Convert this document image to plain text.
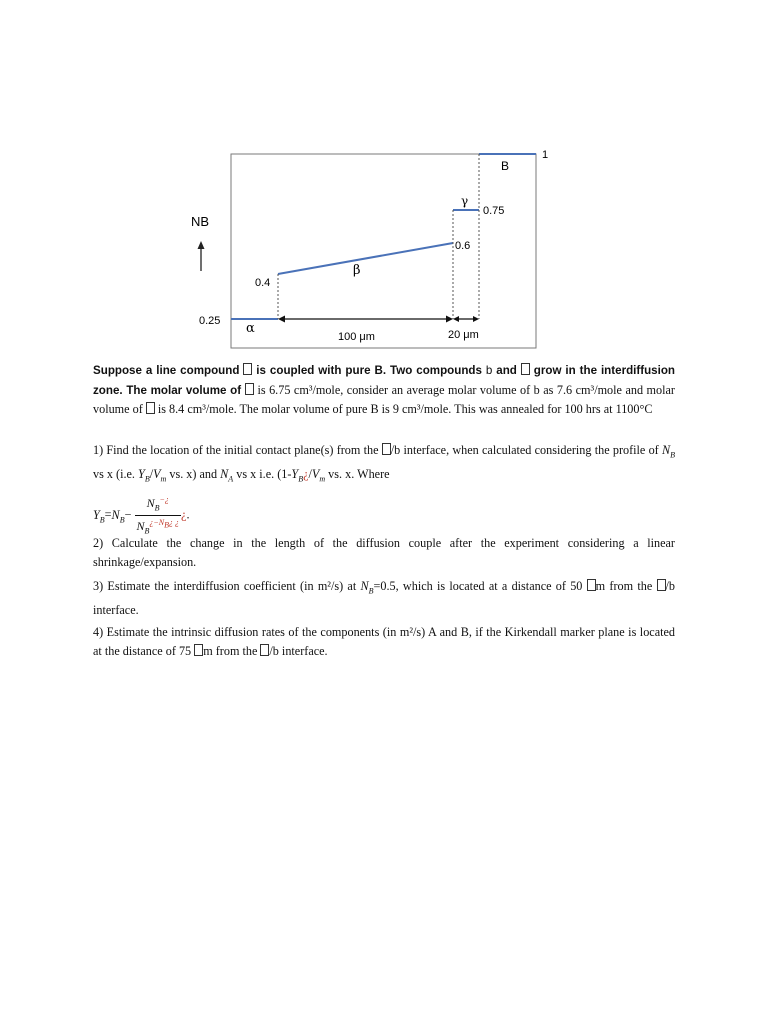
NB
0.25
0.4
0.6
0.75
1
α
β
γ
B
100 μm	20 μm
Suppose a line compound  is coupled with pure B. Two compounds b and  grow in the interdiffusion zone. The molar volume of  is 6.75 cm³/mole, consider an average molar volume of b as 7.6 cm³/mole and molar volume of  is 8.4 cm³/mole. The molar volume of pure B is 9 cm³/mole. This was annealed for 100 hrs at 1100°C
1) Find the location of the initial contact plane(s) from the /b interface, when calculated considering the profile of $N_B$ vs x (i.e. $Y_B/V_m$ vs. x) and $N_A$ vs x i.e. ($1-Y_B¿/V_m$ vs. x. Where
$Y_B=N_B- \frac{N_B^{-¿}}{N_B^{¿-N_B¿ ¿}}$ ¿.
2) Calculate the change in the length of the diffusion couple after the experiment considering a linear shrinkage/expansion.
3) Estimate the interdiffusion coefficient (in m²/s) at $N_B=0.5$, which is located at a distance of 50 m from the /b interface.
4) Estimate the intrinsic diffusion rates of the components (in m²/s) A and B, if the Kirkendall marker plane is located at the distance of 75 m from the /b interface.
